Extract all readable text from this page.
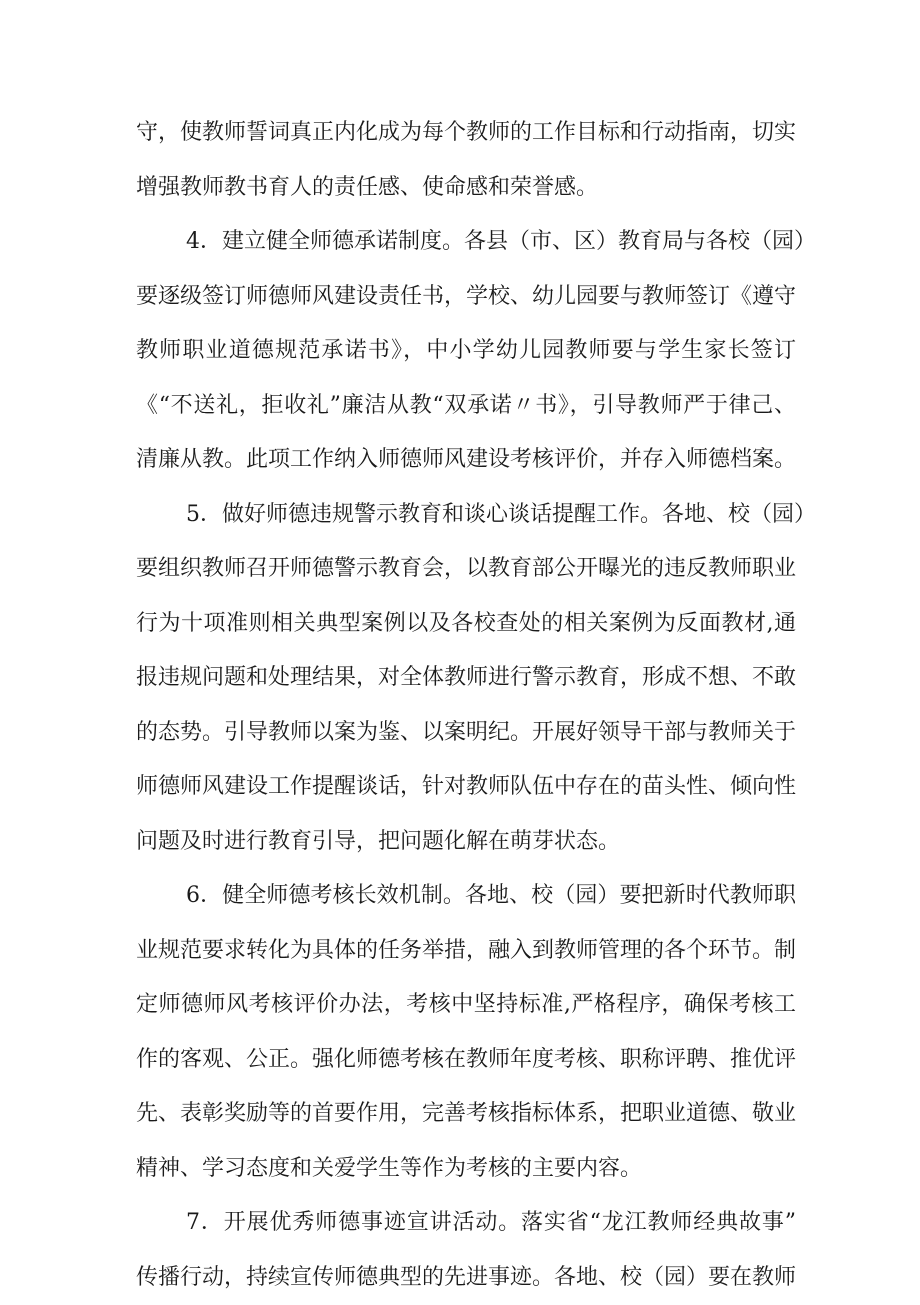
守，使教师誓词真正内化成为每个教师的工作目标和行动指南，切实
增强教师教书育人的责任感、使命感和荣誉感。
4．建立健全师德承诺制度。各县（市、区）教育局与各校（园）
要逐级签订师德师风建设责任书，学校、幼儿园要与教师签订《遵守
教师职业道德规范承诺书》，中小学幼儿园教师要与学生家长签订
《“不送礼，拒收礼”廉洁从教“双承诺〃书》，引导教师严于律己、
清廉从教。此项工作纳入师德师风建设考核评价，并存入师德档案。
5．做好师德违规警示教育和谈心谈话提醒工作。各地、校（园）
要组织教师召开师德警示教育会，以教育部公开曝光的违反教师职业
行为十项准则相关典型案例以及各校查处的相关案例为反面教材,通
报违规问题和处理结果，对全体教师进行警示教育，形成不想、不敢
的态势。引导教师以案为鉴、以案明纪。开展好领导干部与教师关于
师德师风建设工作提醒谈话，针对教师队伍中存在的苗头性、倾向性
问题及时进行教育引导，把问题化解在萌芽状态。
6．健全师德考核长效机制。各地、校（园）要把新时代教师职
业规范要求转化为具体的任务举措，融入到教师管理的各个环节。制
定师德师风考核评价办法，考核中坚持标准,严格程序，确保考核工
作的客观、公正。强化师德考核在教师年度考核、职称评聘、推优评
先、表彰奖励等的首要作用，完善考核指标体系，把职业道德、敬业
精神、学习态度和关爱学生等作为考核的主要内容。
7．开展优秀师德事迹宣讲活动。落实省“龙江教师经典故事”
传播行动，持续宣传师德典型的先进事迹。各地、校（园）要在教师
